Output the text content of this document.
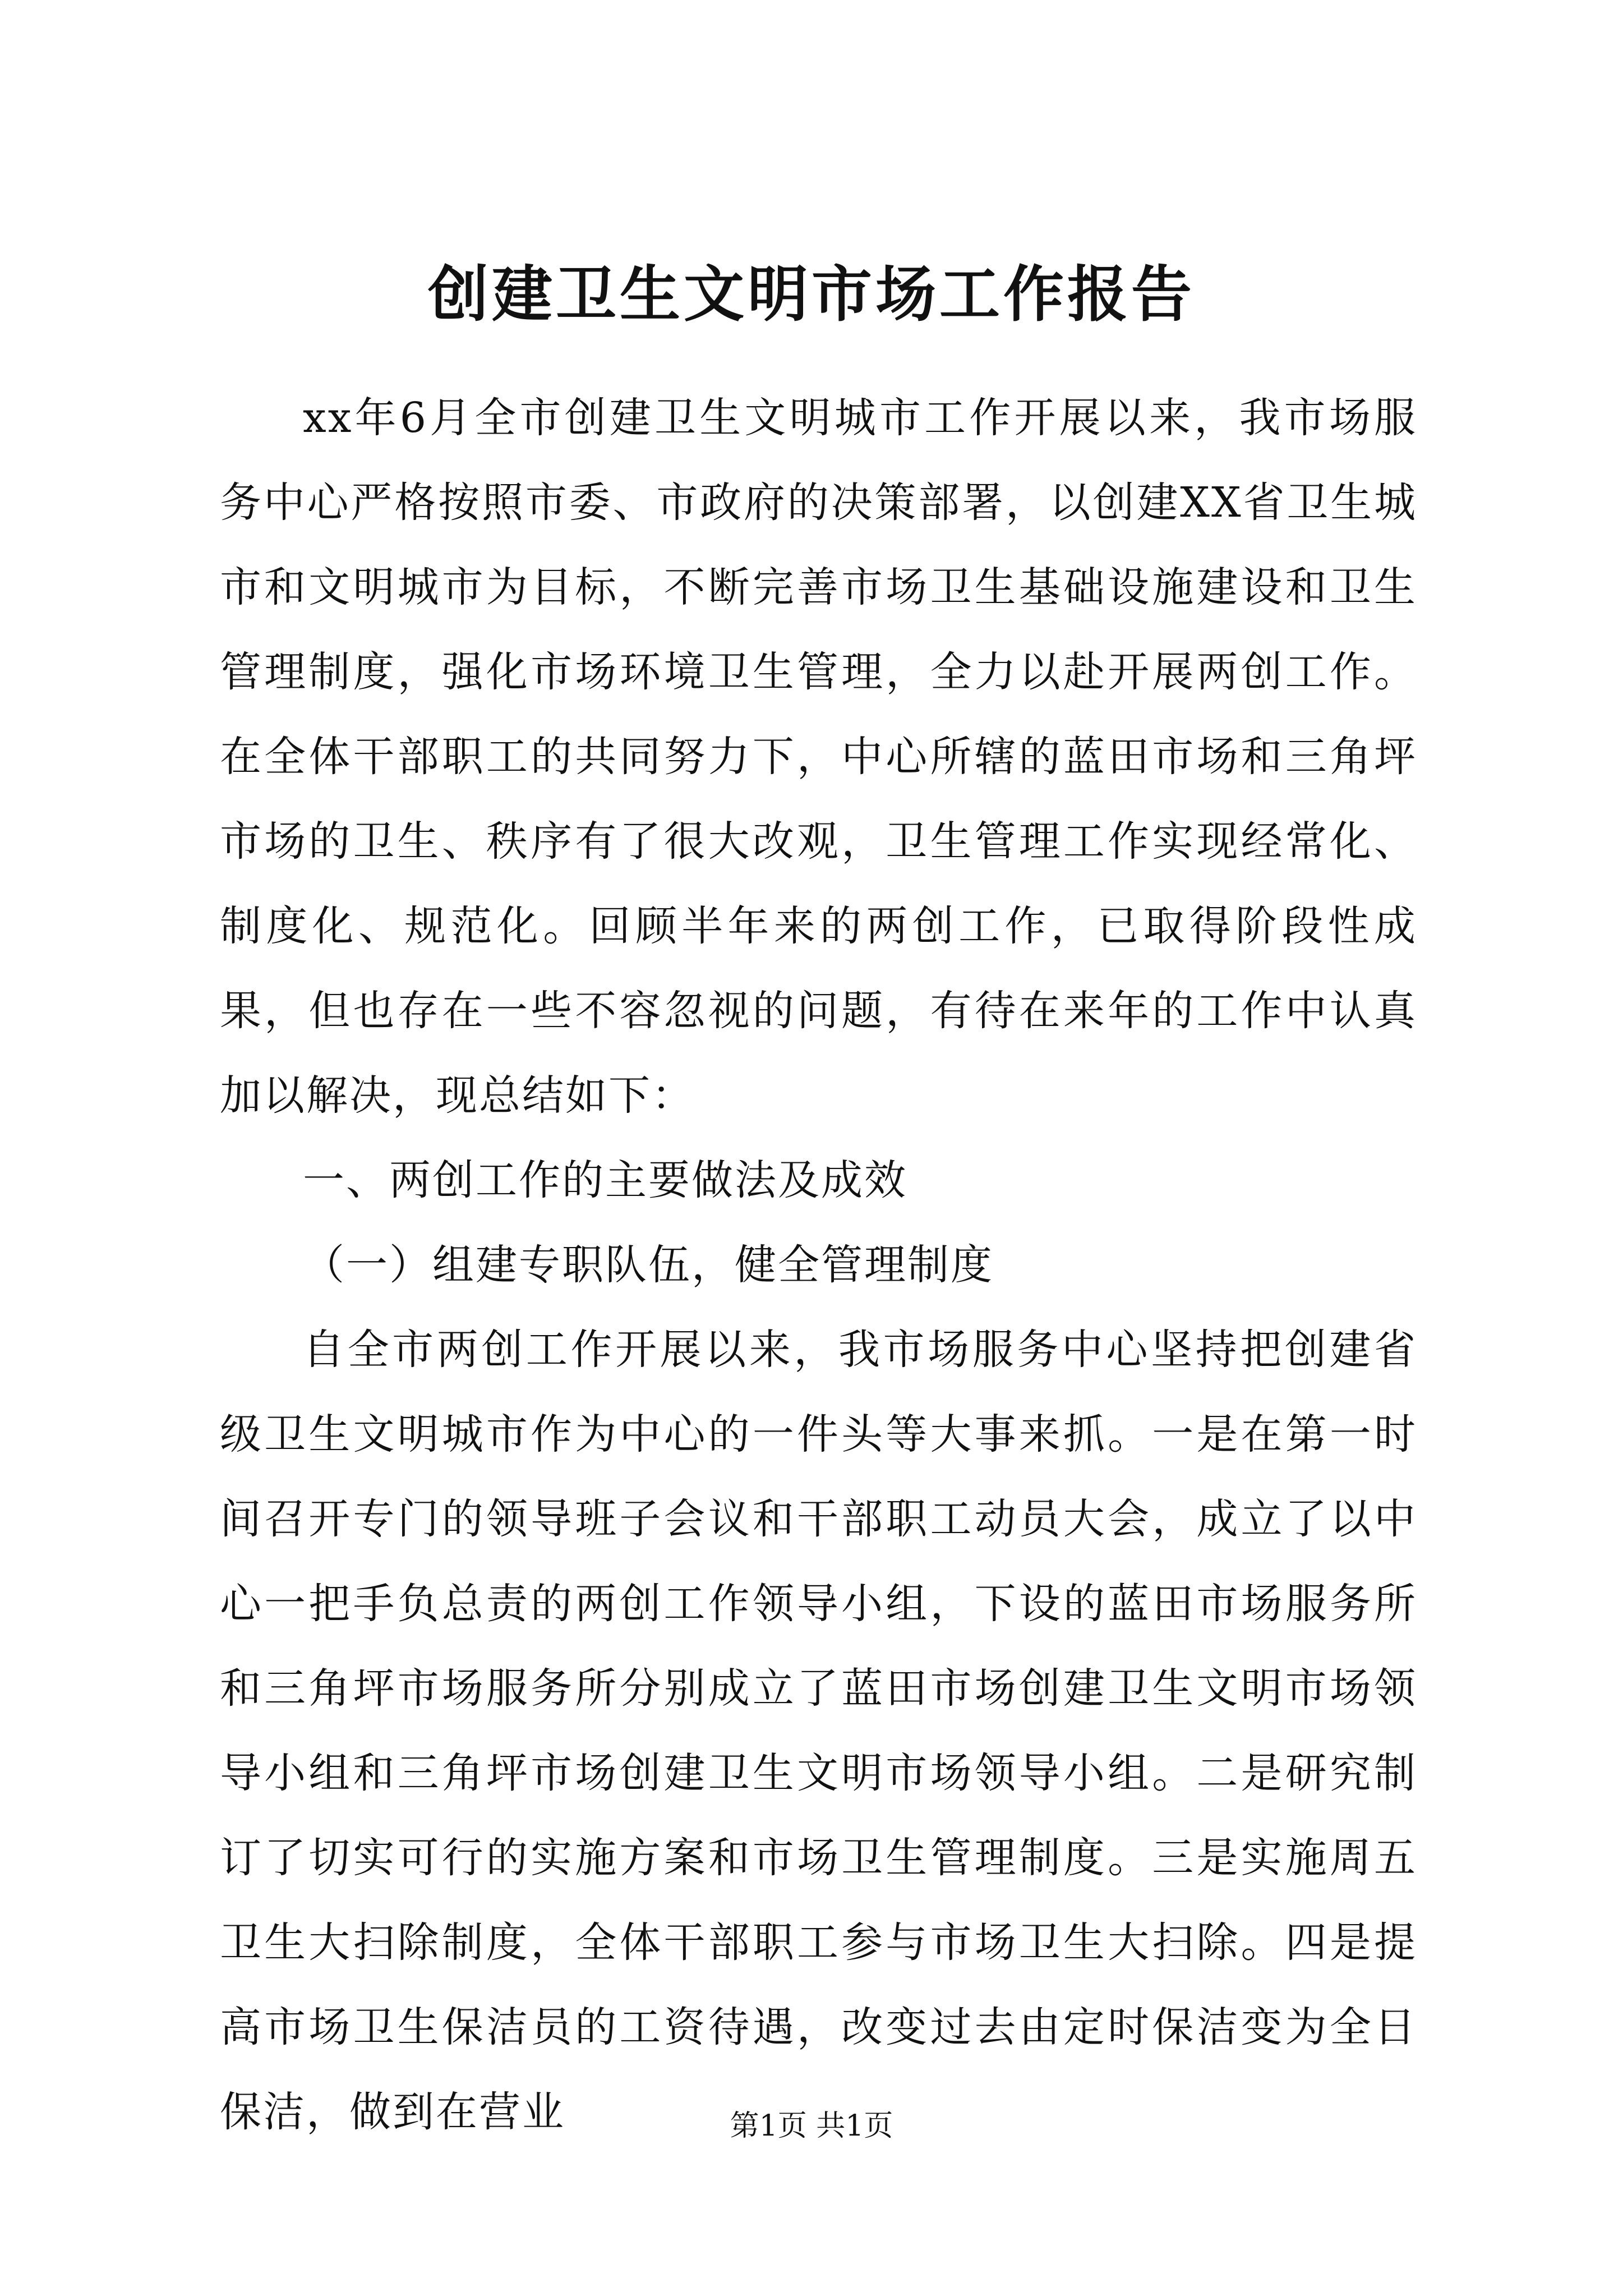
创建卫生文明市场工作报告

xx年6月全市创建卫生文明城市工作开展以来，我市场服务中心严格按照市委、市政府的决策部署，以创建XX省卫生城市和文明城市为目标，不断完善市场卫生基础设施建设和卫生管理制度，强化市场环境卫生管理，全力以赴开展两创工作。在全体干部职工的共同努力下，中心所辖的蓝田市场和三角坪市场的卫生、秩序有了很大改观，卫生管理工作实现经常化、制度化、规范化。回顾半年来的两创工作，已取得阶段性成果，但也存在一些不容忽视的问题，有待在来年的工作中认真加以解决，现总结如下：

一、两创工作的主要做法及成效

（一）组建专职队伍，健全管理制度

自全市两创工作开展以来，我市场服务中心坚持把创建省级卫生文明城市作为中心的一件头等大事来抓。一是在第一时间召开专门的领导班子会议和干部职工动员大会，成立了以中心一把手负总责的两创工作领导小组，下设的蓝田市场服务所和三角坪市场服务所分别成立了蓝田市场创建卫生文明市场领导小组和三角坪市场创建卫生文明市场领导小组。二是研究制订了切实可行的实施方案和市场卫生管理制度。三是实施周五卫生大扫除制度，全体干部职工参与市场卫生大扫除。四是提高市场卫生保洁员的工资待遇，改变过去由定时保洁变为全日保洁，做到在营业	第1页 共1页
